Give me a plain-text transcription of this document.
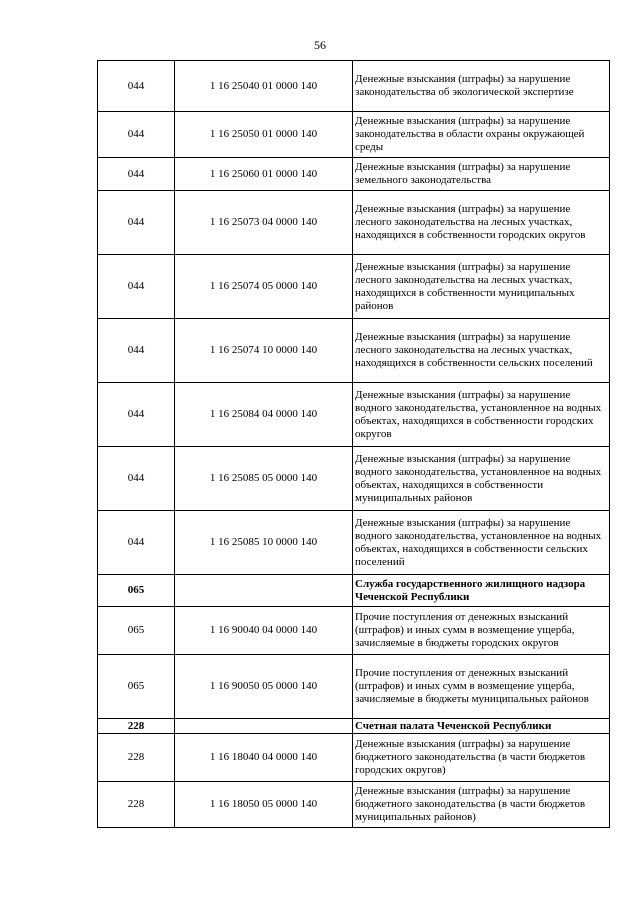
56
044	1 16 25040 01 0000 140	Денежные взыскания (штрафы) за нарушение законодательства об экологической экспертизе
044	1 16 25050 01 0000 140	Денежные взыскания (штрафы) за нарушение законодательства в области охраны окружающей среды
044	1 16 25060 01 0000 140	Денежные взыскания (штрафы) за нарушение земельного законодательства
044	1 16 25073 04 0000 140	Денежные взыскания (штрафы) за нарушение лесного законодательства на лесных участках, находящихся в собственности городских округов
044	1 16 25074 05 0000 140	Денежные взыскания (штрафы) за нарушение лесного законодательства на лесных участках, находящихся в собственности муниципальных районов
044	1 16 25074 10 0000 140	Денежные взыскания (штрафы) за нарушение лесного законодательства на лесных участках, находящихся в собственности сельских поселений
044	1 16 25084 04 0000 140	Денежные взыскания (штрафы) за нарушение водного законодательства, установленное на водных объектах, находящихся в собственности городских округов
044	1 16 25085 05 0000 140	Денежные взыскания (штрафы) за нарушение водного законодательства, установленное на водных объектах, находящихся в собственности муниципальных районов
044	1 16 25085 10 0000 140	Денежные взыскания (штрафы) за нарушение водного законодательства, установленное на водных объектах, находящихся в собственности сельских поселений
065		Служба государственного жилищного надзора Чеченской Республики
065	1 16 90040 04 0000 140	Прочие поступления от денежных взысканий (штрафов) и иных сумм в возмещение ущерба, зачисляемые в бюджеты городских округов
065	1 16 90050 05 0000 140	Прочие поступления от денежных взысканий (штрафов) и иных сумм в возмещение ущерба, зачисляемые в бюджеты муниципальных районов
228		Счетная палата Чеченской Республики
228	1 16 18040 04 0000 140	Денежные взыскания (штрафы) за нарушение бюджетного законодательства (в части бюджетов городских округов)
228	1 16 18050 05 0000 140	Денежные взыскания (штрафы) за нарушение бюджетного законодательства (в части бюджетов муниципальных районов)
